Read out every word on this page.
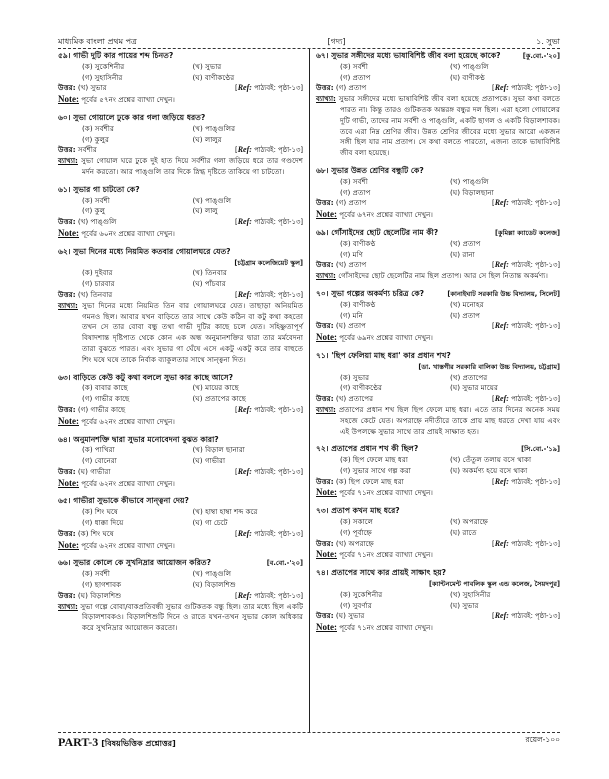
মাধ্যমিক বাংলা প্রথম পত্র	[গদ্য]	১. সুভা
৫৯। গাভী দুটি কার পায়ের শব্দ চিনত?
(ক) সুকেশিনীর	(খ) সুভার
(গ) সুহাসিনীর	(ঘ) বাণীকণ্ঠের
উত্তর: (খ) সুভার	[Ref: পাঠ্যবই: পৃষ্ঠা-১৩]
Note: পূর্বের ৫৭নং প্রশ্নের ব্যাখ্যা দেখুন।
৬০। সুভা গোয়ালে ঢুকে কার গলা জড়িয়ে ধরত?
(ক) সর্বশীর	(খ) পাঙ্গুলির
(গ) কুলুর	(ঘ) লালুর
উত্তর: সর্বশীর	[Ref: পাঠ্যবই: পৃষ্ঠা-১৩]
ব্যাখ্যা: সুভা গোয়াল ঘরে ঢুকে দুই হাত দিয়ে সর্বশীর গলা জড়িয়ে ধরে তার গণ্ডদেশ মর্দন করতো। আর পাঙ্গুলি তার দিকে স্নিগ্ধ দৃষ্টিতে তাকিয়ে গা চাটতো।
৬১। সুভার গা চাটতো কে?
(ক) সর্বশী	(খ) পাঙ্গুলি
(গ) কুলু	(ঘ) লালু
উত্তর: (খ) পাঙ্গুলি	[Ref: পাঠ্যবই: পৃষ্ঠা-১৩]
Note: পূর্বের ৬০নং প্রশ্নের ব্যাখ্যা দেখুন।
৬২। সুভা দিনের মধ্যে নিয়মিত কতবার গোয়ালঘরে যেত?
[চট্টগ্রাম কলেজিয়েট স্কুল]
(ক) দুইবার	(খ) তিনবার
(গ) চারবার	(ঘ) পাঁচবার
উত্তর: (খ) তিনবার	[Ref: পাঠ্যবই: পৃষ্ঠা-১৩]
ব্যাখ্যা: সুভা দিনের মধ্যে নিয়মিত তিন বার গোয়ালঘরে যেত। তাছাড়া অনিয়মিত গমনও ছিল। আবার যখন বাড়িতে তার সাথে কেউ কঠিন বা কটু কথা কহতো তখন সে তার বোবা বন্ধু তথা গাভী দুটির কাছে চলে যেত। সহিষ্ণুতাপূর্ণ বিষাদশান্ত দৃষ্টিপাত থেকে কোন এক অন্ধ অনুমানশক্তির দ্বারা তার মর্মবেদনা তারা বুঝতে পারত। এবং সুভার গা ঘেঁষে এসে একটু একটু করে তার বাহুতে শিং ঘষে ঘষে তাকে নির্বাক ব্যাকুলতার সাথে সান্ত্বনা দিত।
৬৩। বাড়িতে কেউ কটু কথা বললে সুভা কার কাছে আসে?
(ক) বাবার কাছে	(খ) মায়ের কাছে
(গ) গাভীর কাছে	(ঘ) প্রতাপের কাছে
উত্তর: (গ) গাভীর কাছে	[Ref: পাঠ্যবই: পৃষ্ঠা-১৩]
Note: পূর্বের ৬২নং প্রশ্নের ব্যাখ্যা দেখুন।
৬৪। অনুমানশক্তি দ্বারা সুভার মনোবেদনা বুঝত কারা?
(ক) পাখিরা	(খ) বিড়াল ছানারা
(গ) বোনেরা	(ঘ) গাভীরা
উত্তর: (ঘ) গাভীরা	[Ref: পাঠ্যবই: পৃষ্ঠা-১৩]
Note: পূর্বের ৬২নং প্রশ্নের ব্যাখ্যা দেখুন।
৬৫। গাভীরা সুভাকে কীভাবে সান্ত্বনা দেয়?
(ক) শিং ঘষে	(খ) হাম্বা হাম্বা শব্দ করে
(গ) ধাক্কা দিয়ে	(ঘ) গা চেটে
উত্তর: (ক) শিং ঘষে	[Ref: পাঠ্যবই: পৃষ্ঠা-১৩]
Note: পূর্বের ৬২নং প্রশ্নের ব্যাখ্যা দেখুন।
৬৬। সুভার কোলে কে সুখনিদ্রার আয়োজন করিত?	[ব.বো.-'২০]
(ক) সর্বশী	(খ) পাঙ্গুলি
(গ) ছাগশাবক	(ঘ) বিড়ালশিশু
উত্তর: (ঘ) বিড়ালশিশু	[Ref: পাঠ্যবই: পৃষ্ঠা-১৩]
ব্যাখ্যা: সুভা গল্পে বোবা/বাকপ্রতিবন্ধী সুভার গুটিকতক বন্ধু ছিল। তার মধ্যে ছিল একটি বিড়ালশাবকও। বিড়ালশিশুটি দিনে ও রাতে যখন-তখন সুভার কোল অধিকার করে সুখনিদ্রার আয়োজন করতো।
৬৭। সুভার সঙ্গীদের মধ্যে ভাষাবিশিষ্ট জীব বলা হয়েছে কাকে?	[কু.বো.-'২০]
(ক) সর্বশী	(খ) পাঙ্গুলি
(গ) প্রতাপ	(ঘ) বাণীকণ্ঠ
উত্তর: (গ) প্রতাপ	[Ref: পাঠ্যবই: পৃষ্ঠা-১৩]
ব্যাখ্যা: সুভার সঙ্গীদের মধ্যে ভাষাবিশিষ্ট জীব বলা হয়েছে প্রতাপকে। সুভা কথা বলতে পারত না। কিন্তু তারও গুটিকতক অন্তরঙ্গ বন্ধুর দল ছিল। এরা হলো গোয়ালের দুটি গাভী, তাদের নাম সর্বশী ও পাঙ্গুলি, একটি ছাগল ও একটি বিড়ালশাবক। তবে এরা নিম্ন শ্রেণির জীব। উন্নত শ্রেণির জীবের মধ্যে সুভার আরো একজন সঙ্গী ছিল যার নাম প্রতাপ। সে কথা বলতে পারতো, এজন্য তাকে ভাষাবিশিষ্ট জীব বলা হয়েছে।
৬৮। সুভার উন্নত শ্রেণির বন্ধুটি কে?
(ক) সর্বশী	(খ) পাঙ্গুলি
(গ) প্রতাপ	(ঘ) বিড়ালছানা
উত্তর: (গ) প্রতাপ	[Ref: পাঠ্যবই: পৃষ্ঠা-১৩]
Note: পূর্বের ৬৭নং প্রশ্নের ব্যাখ্যা দেখুন।
৬৯। গোঁসাইদের ছোট ছেলেটির নাম কী?	[কুমিল্লা ক্যাডেট কলেজ]
(ক) বাণীকণ্ঠ	(খ) প্রতাপ
(গ) মণি	(ঘ) রানা
উত্তর: (খ) প্রতাপ	[Ref: পাঠ্যবই: পৃষ্ঠা-১৩]
ব্যাখ্যা: গোঁসাইদের ছোট ছেলেটির নাম ছিল প্রতাপ। আর সে ছিল নিতান্ত অকর্মণ্য।
৭০। সুভা গল্পের অকর্মণ্য চরিত্র কে?	[কানাইঘাট সরকারি উচ্চ বিদ্যালয়, সিলেট]
(ক) বাণীকণ্ঠ	(খ) মনোহর
(গ) মনি	(ঘ) প্রতাপ
উত্তর: (ঘ) প্রতাপ	[Ref: পাঠ্যবই: পৃষ্ঠা-১৩]
Note: পূর্বের ৬৯নং প্রশ্নের ব্যাখ্যা দেখুন।
৭১। 'ছিপ ফেলিয়া মাছ ধরা' কার প্রধান শখ?
[ডা. খাস্তগীর সরকারি বালিকা উচ্চ বিদ্যালয়, চট্টগ্রাম]
(ক) সুভার	(খ) প্রতাপের
(গ) বাণীকণ্ঠের	(ঘ) সুভার মায়ের
উত্তর: (খ) প্রতাপের	[Ref: পাঠ্যবই: পৃষ্ঠা-১৩]
ব্যাখ্যা: প্রতাপের প্রধান শখ ছিল ছিপ ফেলে মাছ ধরা। এতে তার দিনের অনেক সময় সহজে কেটে যেত। অপরাহ্নে নদীতীরে তাকে প্রায় মাছ ধরতে দেখা যায় এবং এই উপলক্ষে সুভার সাথে তার প্রায়ই সাক্ষাত হত।
৭২। প্রতাপের প্রধান শখ কী ছিল?	[সি.বো.-'১৯]
(ক) ছিপ ফেলে মাছ ধরা	(খ) তেঁতুল তলায় বসে থাকা
(গ) সুভার সাথে গল্প করা	(ঘ) অকর্মণ্য হয়ে বসে থাকা
উত্তর: (ক) ছিপ ফেলে মাছ ধরা	[Ref: পাঠ্যবই: পৃষ্ঠা-১৩]
Note: পূর্বের ৭১নং প্রশ্নের ব্যাখ্যা দেখুন।
৭৩। প্রতাপ কখন মাছ ধরে?
(ক) সকালে	(খ) অপরাহ্নে
(গ) পূর্বাহ্নে	(ঘ) রাতে
উত্তর: (খ) অপরাহ্নে	[Ref: পাঠ্যবই: পৃষ্ঠা-১৩]
Note: পূর্বের ৭১নং প্রশ্নের ব্যাখ্যা দেখুন।
৭৪। প্রতাপের সাথে কার প্রায়ই সাক্ষাৎ হয়?
[ক্যান্টনমেন্ট পাবলিক স্কুল এন্ড কলেজ, সৈয়দপুর]
(ক) সুকেশিনীর	(খ) সুহাসিনীর
(গ) সুবর্ণার	(ঘ) সুভার
উত্তর: (ঘ) সুভার	[Ref: পাঠ্যবই: পৃষ্ঠা-১৩]
Note: পূর্বের ৭১নং প্রশ্নের ব্যাখ্যা দেখুন।
PART-3 [বিষয়ভিত্তিক প্রশ্নোত্তর]	রয়েল-১০০
